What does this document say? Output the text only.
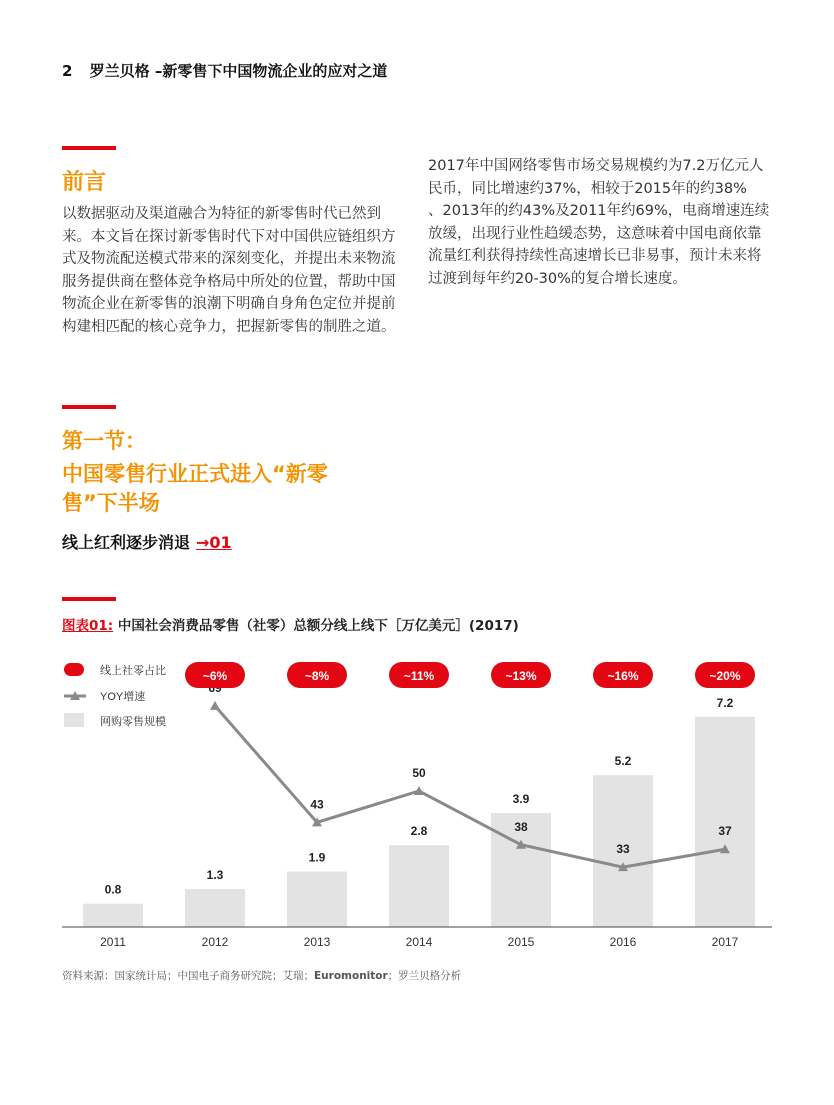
2 罗兰贝格 –新零售下中国物流企业的应对之道
前言
以数据驱动及渠道融合为特征的新零售时代已然到
来。本文旨在探讨新零售时代下对中国供应链组织方
式及物流配送模式带来的深刻变化，并提出未来物流
服务提供商在整体竞争格局中所处的位置，帮助中国
物流企业在新零售的浪潮下明确自身角色定位并提前
构建相匹配的核心竞争力，把握新零售的制胜之道。
2017年中国网络零售市场交易规模约为7.2万亿元人
民币，同比增速约37%，相较于2015年的约38%
、2013年的约43%及2011年约69%，电商增速连续
放缓，出现行业性趋缓态势，这意味着中国电商依靠
流量红利获得持续性高速增长已非易事，预计未来将
过渡到每年约20-30%的复合增长速度。
第一节：
中国零售行业正式进入“新零
售”下半场
线上红利逐步消退 →01
图表01: 中国社会消费品零售（社零）总额分线上线下［万亿美元］(2017)
线上社零占比
YOY增速
网购零售规模
0.8
1.3
1.9
2.8
3.9
5.2
7.2
43
50
38
33
37
~6%	~8%	~11%	~13%	~16%	~20%
2011	2012	2013	2014	2015	2016	2017
资料来源：国家统计局；中国电子商务研究院；艾瑞；Euromonitor；罗兰贝格分析
